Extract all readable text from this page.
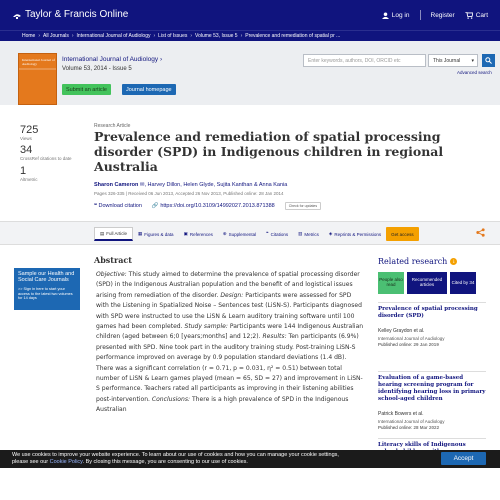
Taylor & Francis Online	Log in	Register	Cart
Home › All Journals › International Journal of Audiology › List of Issues › Volume 53, Issue 5 › Prevalence and remediation of spatial pr ...
International Journal of Audiology
International Journal of Audiology ›
Volume 53, 2014 - Issue 5
Submit an article	Journal homepage
Enter keywords, authors, DOI, ORCID etc	This Journal ▾
Advanced search
725
Views
34
CrossRef citations to date
1
Altmetric
Research Article
Prevalence and remediation of spatial processing disorder (SPD) in Indigenous children in regional Australia
Sharon Cameron ✉, Harvey Dillon, Helen Glyde, Sujita Kanthan & Anna Kania
Pages 326-335 | Received 06 Jun 2013, Accepted 26 Nov 2013, Published online: 28 Jan 2014
❝ Download citation 🔗 https://doi.org/10.3109/14992027.2013.871388	Check for updates
▤ Full Article ▦ Figures & data ▣ References ⊕ Supplemental ❝ Citations ▥ Metrics ◈ Reprints & Permissions	Get access
Sample our Health and Social Care Journals
>> Sign in here to start your access to the latest two volumes for 14 days
Abstract
Objective: This study aimed to determine the prevalence of spatial processing disorder (SPD) in the Indigenous Australian population and the benefit of and logistical issues arising from remediation of the disorder. Design: Participants were assessed for SPD with the Listening in Spatialized Noise – Sentences test (LiSN-S). Participants diagnosed with SPD were instructed to use the LiSN & Learn auditory training software until 100 games had been completed. Study sample: Participants were 144 Indigenous Australian children (aged between 6;0 [years;months] and 12;2). Results: Ten participants (6.9%) presented with SPD. Nine took part in the auditory training study. Post-training LiSN-S performance improved on average by 0.9 population standard deviations (1.4 dB). There was a significant correlation (r = 0.71, p = 0.031, η² = 0.51) between total number of LiSN & Learn games played (mean = 65, SD = 27) and improvement in LiSN-S performance. Teachers rated all participants as improving in their listening abilities post-intervention. Conclusions: There is a high prevalence of SPD in the Indigenous Australian
Related research	i
People also read
Recommended articles	Cited by 34
Prevalence of spatial processing disorder (SPD)
Kelley Graydon et al.
International Journal of Audiology
Published online: 29 Jan 2019
Evaluation of a game-based hearing screening program for identifying hearing loss in primary school-aged children
Patrick Bowers et al.
International Journal of Audiology
Published online: 28 Mar 2022
Literacy skills of Indigenous
We use cookies to improve your website experience. To learn about our use of cookies and how you can manage your cookie settings,
please see our Cookie Policy. By closing this message, you are consenting to our use of cookies.	Accept
